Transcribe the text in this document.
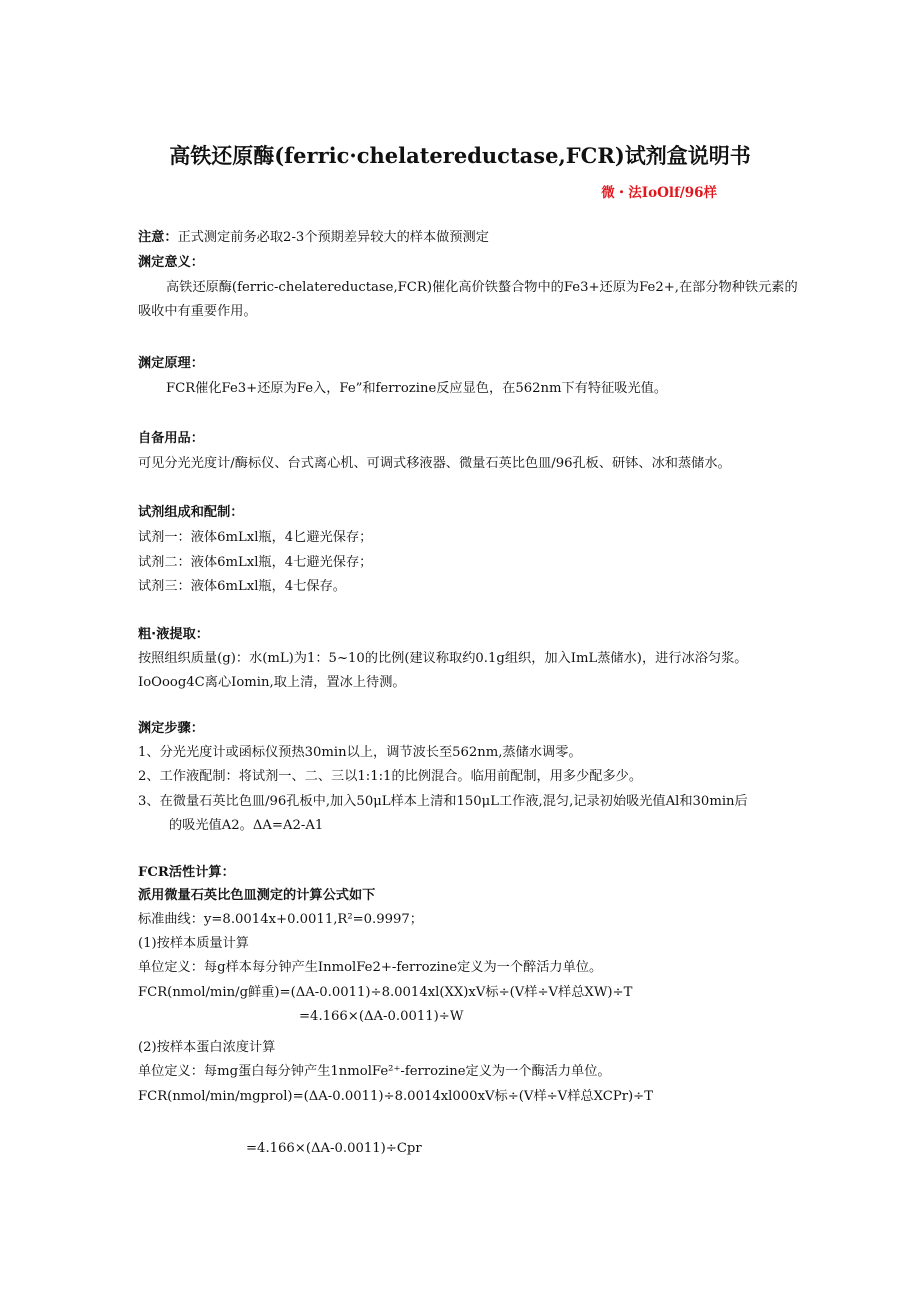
高铁还原酶(ferric·chelatereductase,FCR)试剂盒说明书
微・法IoOlf/96样
注意：正式测定前务必取2-3个预期差异较大的样本做预测定
渊定意义：
高铁还原酶(ferric-chelatereductase,FCR)催化高价铁螯合物中的Fe3+还原为Fe2+,在部分物种铁元素的
吸收中有重要作用。
渊定原理：
FCR催化Fe3+还原为Fe入，Fe”和ferrozine反应显色，在562nm下有特征吸光值。
自备用品：
可见分光光度计/酶标仪、台式离心机、可调式移液器、微量石英比色皿/96孔板、研钵、冰和蒸储水。
试剂组成和配制：
试剂一：液体6mLxl瓶，4匕避光保存；
试剂二：液体6mLxl瓶，4七避光保存；
试剂三：液体6mLxl瓶，4七保存。
粗·液提取：
按照组织质量(g)：水(mL)为1：5~10的比例(建议称取约0.1g组织，加入ImL蒸储水)，进行冰浴匀浆。
IoOoog4C离心Iomin,取上清，置冰上待测。
渊定步骤：
1、分光光度计或函标仪预热30min以上，调节波长至562nm,蒸储水调零。
2、工作液配制：将试剂一、二、三以1:1:1的比例混合。临用前配制，用多少配多少。
3、在微量石英比色皿/96孔板中,加入50μL样本上清和150μL工作液,混匀,记录初始吸光值Al和30min后
的吸光值A2。ΔA=A2-A1
FCR活性计算：
派用微量石英比色皿测定的计算公式如下
标准曲线：y=8.0014x+0.0011,R²=0.9997；
(1)按样本质量计算
单位定义：每g样本每分钟产生InmolFe2+-ferrozine定义为一个醉活力单位。
FCR(nmol/min/g鲜重)=(ΔA-0.0011)÷8.0014xl(XX)xV标÷(V样÷V样总XW)÷T
=4.166×(ΔA-0.0011)÷W
(2)按样本蛋白浓度计算
单位定义：每mg蛋白每分钟产生1nmolFe²⁺-ferrozine定义为一个酶活力单位。
FCR(nmol/min/mgprol)=(ΔA-0.0011)÷8.0014xl000xV标÷(V样÷V样总XCPr)÷T
=4.166×(ΔA-0.0011)÷Cpr
